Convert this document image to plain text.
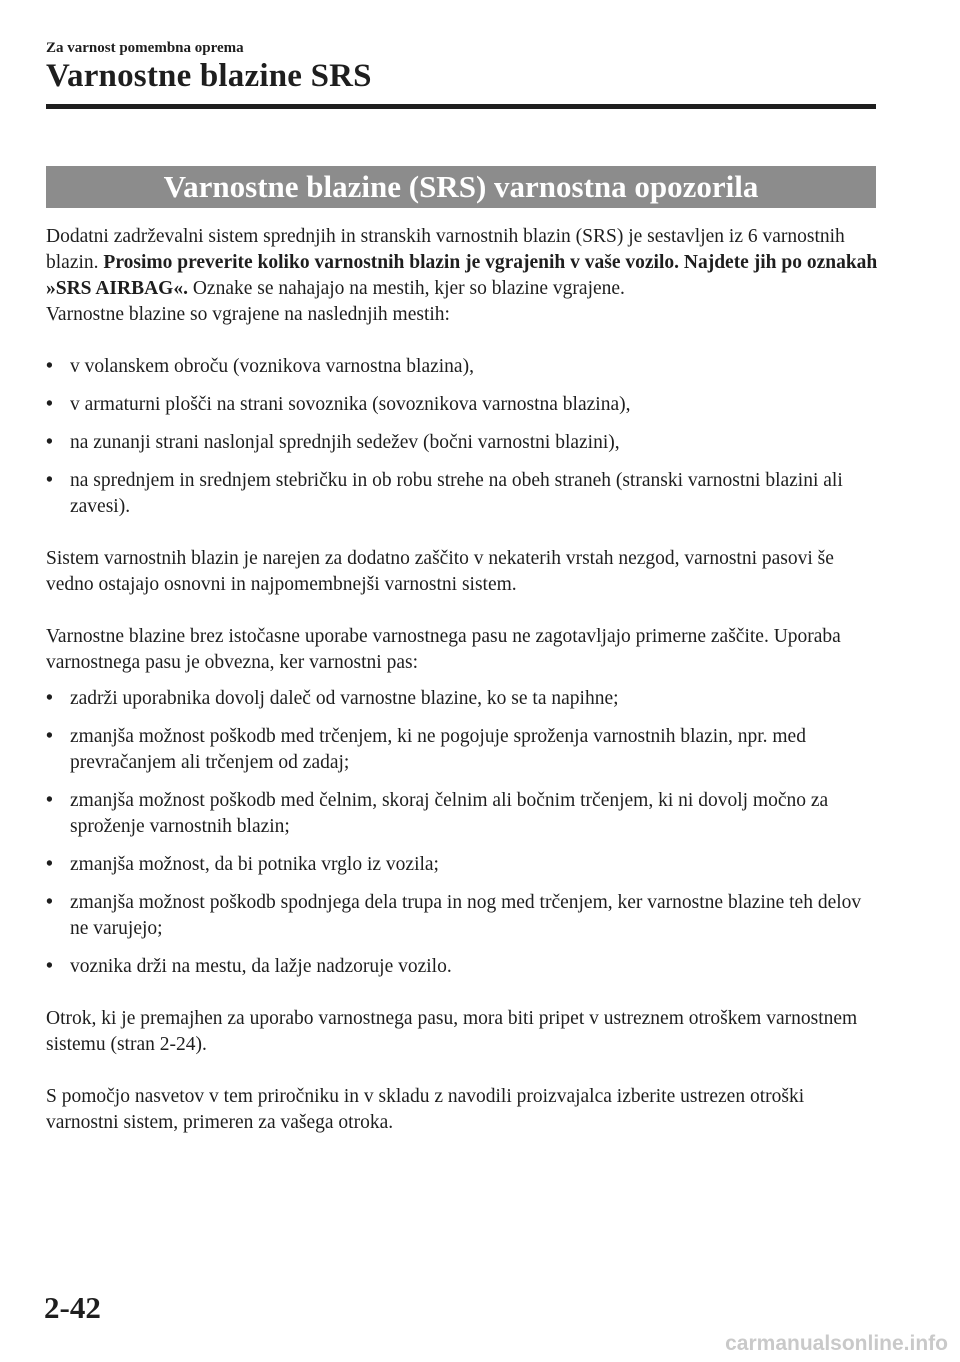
Za varnost pomembna oprema
Varnostne blazine SRS
Varnostne blazine (SRS) varnostna opozorila

Dodatni zadrževalni sistem sprednjih in stranskih varnostnih blazin (SRS) je sestavljen iz 6 varnostnih blazin. Prosimo preverite koliko varnostnih blazin je vgrajenih v vaše vozilo. Najdete jih po oznakah »SRS AIRBAG«. Oznake se nahajajo na mestih, kjer so blazine vgrajene.

Varnostne blazine so vgrajene na naslednjih mestih:

• v volanskem obroču (voznikova varnostna blazina),
• v armaturni plošči na strani sovoznika (sovoznikova varnostna blazina),
• na zunanji strani naslonjal sprednjih sedežev (bočni varnostni blazini),
• na sprednjem in srednjem stebričku in ob robu strehe na obeh straneh (stranski varnostni blazini ali zavesi).

Sistem varnostnih blazin je narejen za dodatno zaščito v nekaterih vrstah nezgod, varnostni pasovi še vedno ostajajo osnovni in najpomembnejši varnostni sistem.

Varnostne blazine brez istočasne uporabe varnostnega pasu ne zagotavljajo primerne zaščite. Uporaba varnostnega pasu je obvezna, ker varnostni pas:

• zadrži uporabnika dovolj daleč od varnostne blazine, ko se ta napihne;
• zmanjša možnost poškodb med trčenjem, ki ne pogojuje sproženja varnostnih blazin, npr. med prevračanjem ali trčenjem od zadaj;
• zmanjša možnost poškodb med čelnim, skoraj čelnim ali bočnim trčenjem, ki ni dovolj močno za sproženje varnostnih blazin;
• zmanjša možnost, da bi potnika vrglo iz vozila;
• zmanjša možnost poškodb spodnjega dela trupa in nog med trčenjem, ker varnostne blazine teh delov ne varujejo;
• voznika drži na mestu, da lažje nadzoruje vozilo.

Otrok, ki je premajhen za uporabo varnostnega pasu, mora biti pripet v ustreznem otroškem varnostnem sistemu (stran 2-24).

S pomočjo nasvetov v tem priročniku in v skladu z navodili proizvajalca izberite ustrezen otroški varnostni sistem, primeren za vašega otroka.

2-42
carmanualsonline.info
